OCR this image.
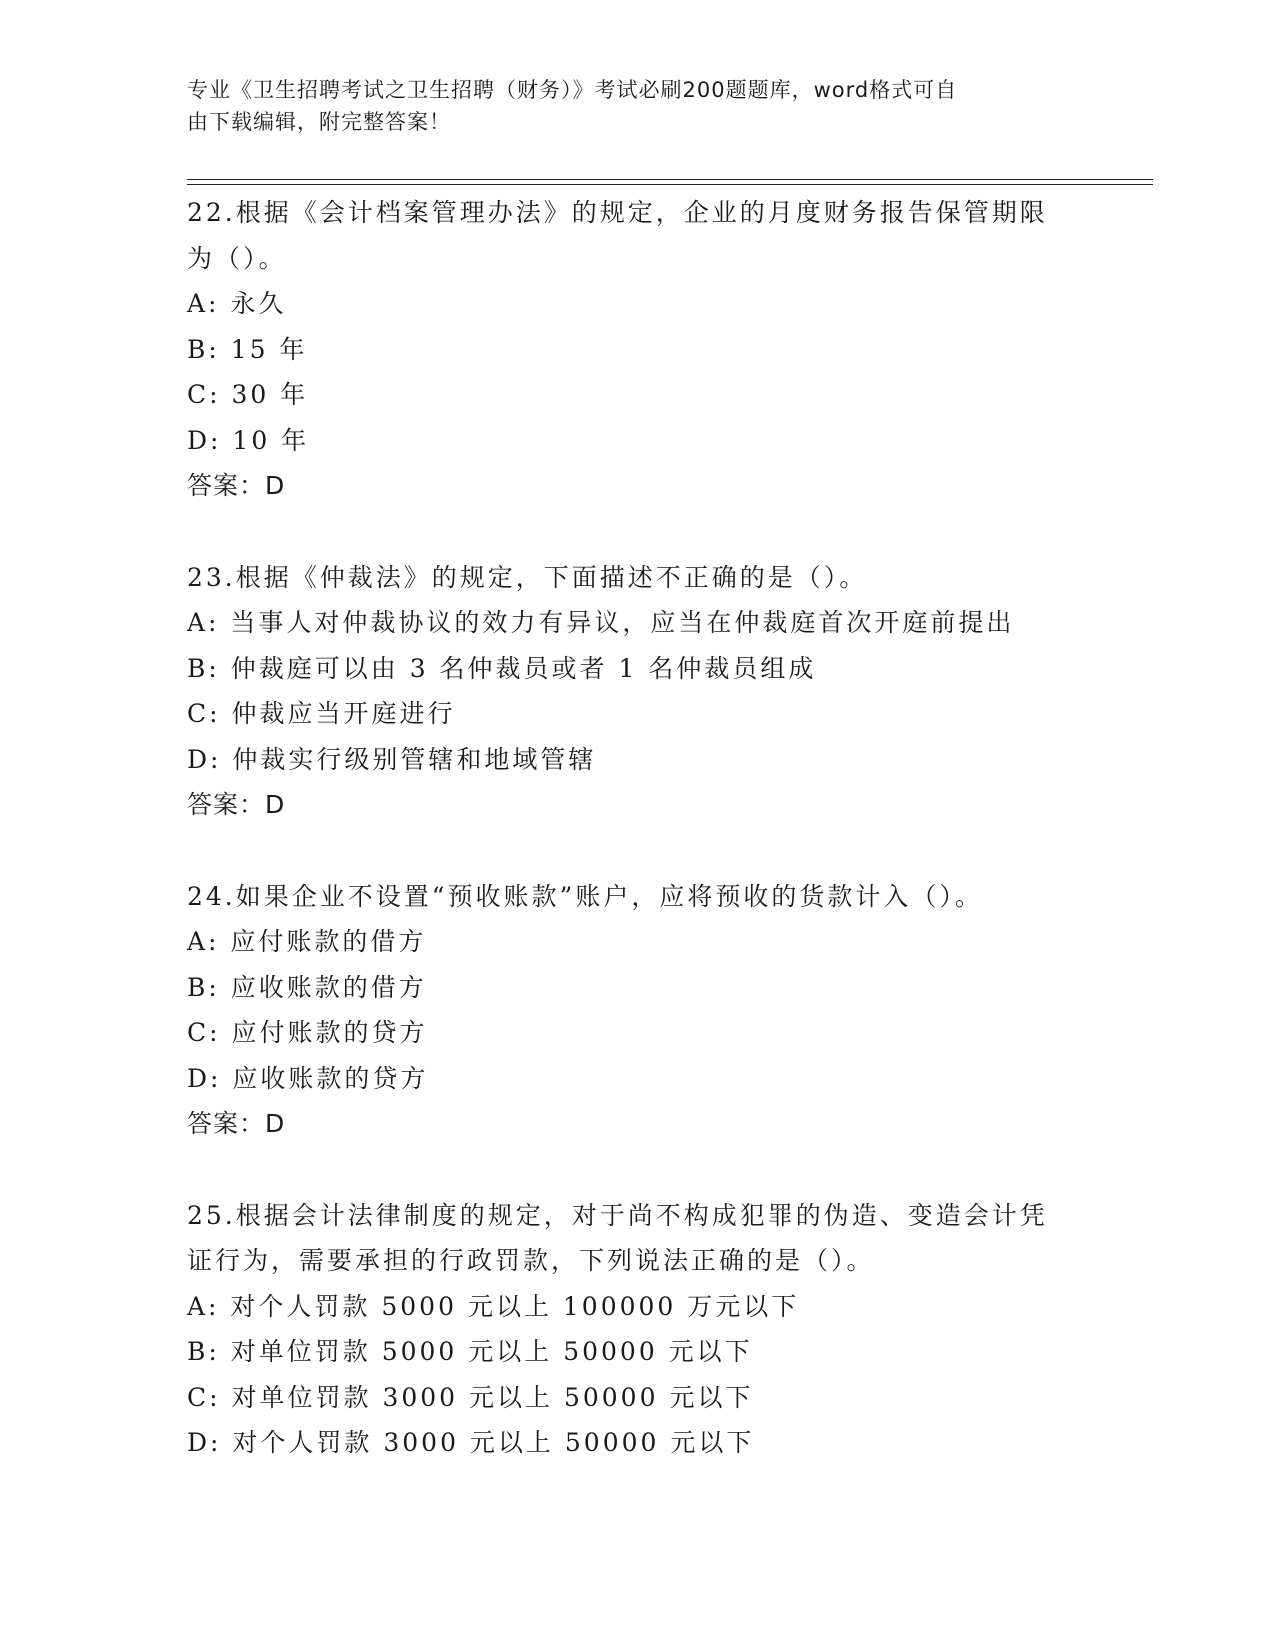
专业《卫生招聘考试之卫生招聘（财务）》考试必刷200题题库，word格式可自
由下载编辑，附完整答案！
22.根据《会计档案管理办法》的规定，企业的月度财务报告保管期限
为（）。
A: 永久
B: 15 年
C: 30 年
D: 10 年
答案：D
23.根据《仲裁法》的规定，下面描述不正确的是（）。
A: 当事人对仲裁协议的效力有异议，应当在仲裁庭首次开庭前提出
B: 仲裁庭可以由 3 名仲裁员或者 1 名仲裁员组成
C: 仲裁应当开庭进行
D: 仲裁实行级别管辖和地域管辖
答案：D
24.如果企业不设置“预收账款”账户，应将预收的货款计入（）。
A: 应付账款的借方
B: 应收账款的借方
C: 应付账款的贷方
D: 应收账款的贷方
答案：D
25.根据会计法律制度的规定，对于尚不构成犯罪的伪造、变造会计凭
证行为，需要承担的行政罚款，下列说法正确的是（）。
A: 对个人罚款 5000 元以上 100000 万元以下
B: 对单位罚款 5000 元以上 50000 元以下
C: 对单位罚款 3000 元以上 50000 元以下
D: 对个人罚款 3000 元以上 50000 元以下
